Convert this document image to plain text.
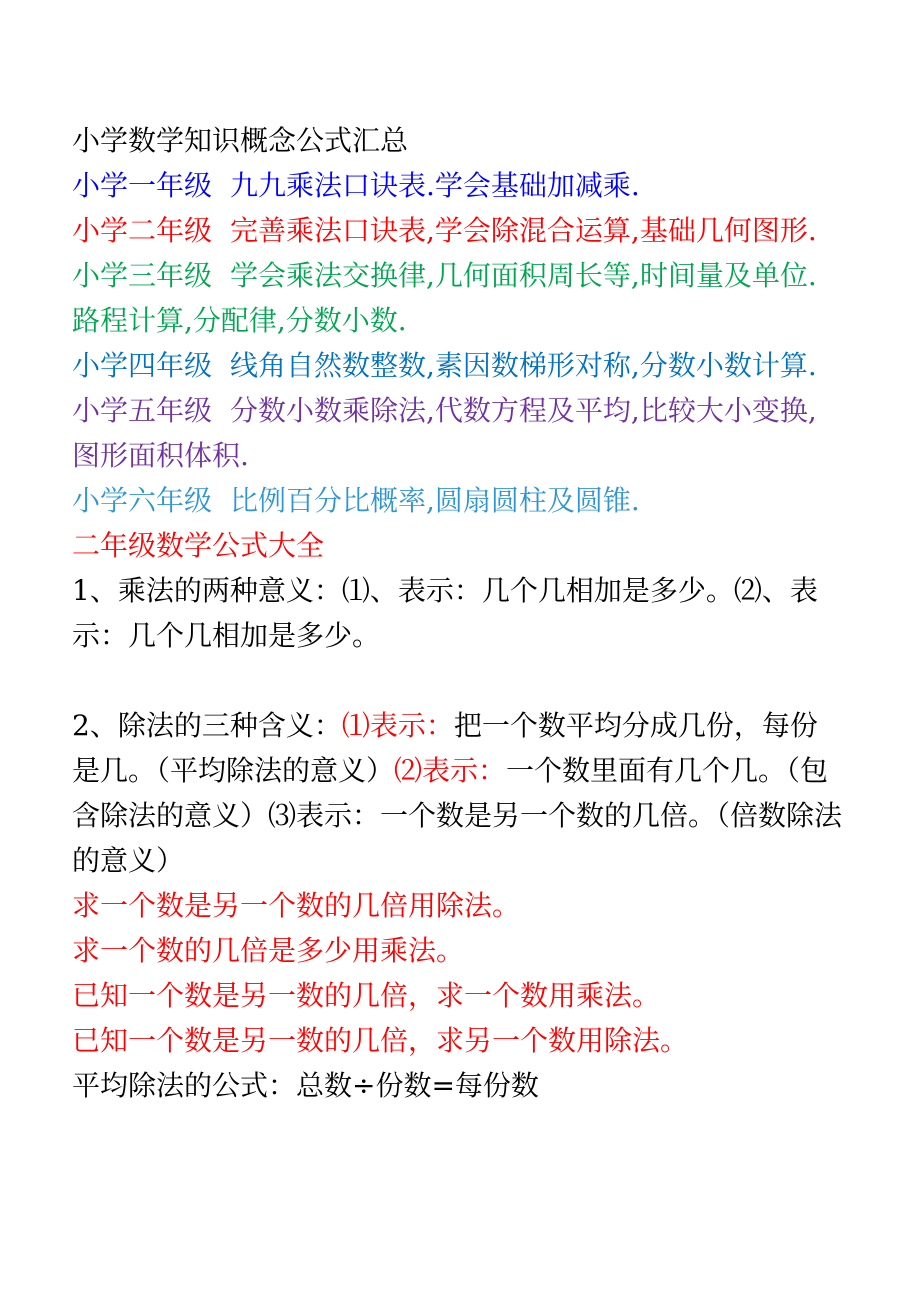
小学数学知识概念公式汇总

小学一年级 九九乘法口诀表.学会基础加减乘.

小学二年级 完善乘法口诀表,学会除混合运算,基础几何图形.

小学三年级 学会乘法交换律,几何面积周长等,时间量及单位.路程计算,分配律,分数小数.

小学四年级 线角自然数整数,素因数梯形对称,分数小数计算.

小学五年级 分数小数乘除法,代数方程及平均,比较大小变换,图形面积体积.

小学六年级 比例百分比概率,圆扇圆柱及圆锥.

二年级数学公式大全

1、乘法的两种意义：⑴、表示：几个几相加是多少。⑵、表示：几个几相加是多少。

2、除法的三种含义：⑴表示：把一个数平均分成几份，每份是几。（平均除法的意义）⑵表示：一个数里面有几个几。（包含除法的意义）⑶表示：一个数是另一个数的几倍。（倍数除法的意义）

求一个数是另一个数的几倍用除法。

求一个数的几倍是多少用乘法。

已知一个数是另一数的几倍，求一个数用乘法。

已知一个数是另一数的几倍，求另一个数用除法。

平均除法的公式：总数÷份数=每份数
